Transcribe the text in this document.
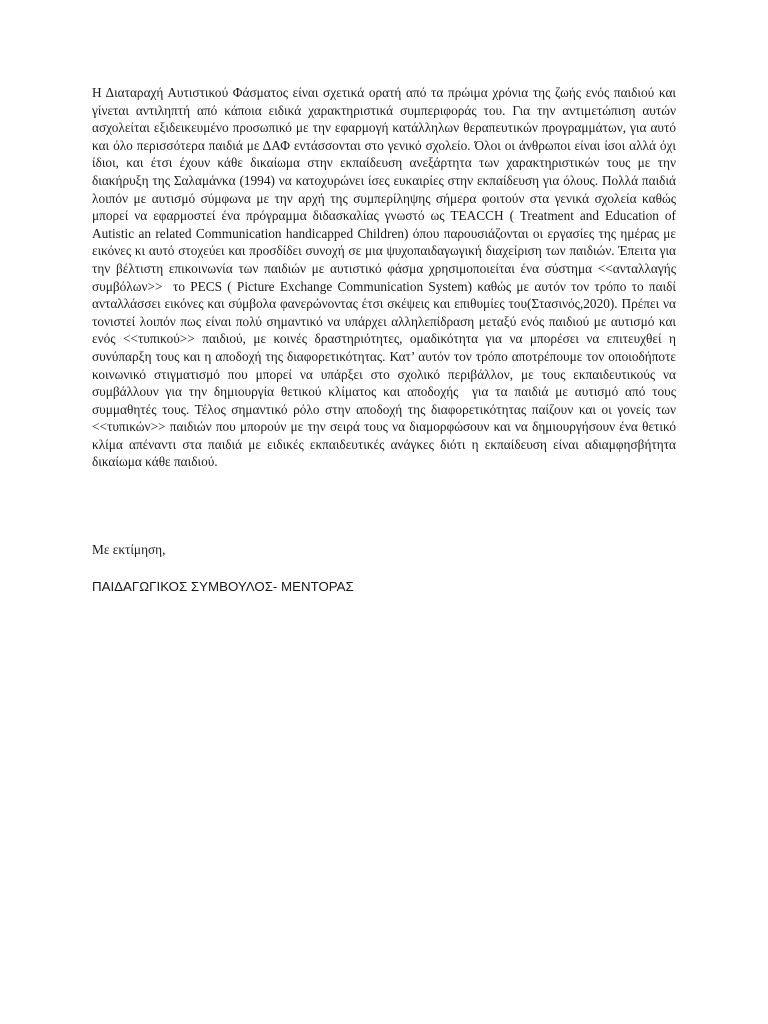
Η Διαταραχή Αυτιστικού Φάσματος είναι σχετικά ορατή από τα πρώιμα χρόνια της ζωής ενός παιδιού και γίνεται αντιληπτή από κάποια ειδικά χαρακτηριστικά συμπεριφοράς του. Για την αντιμετώπιση αυτών ασχολείται εξιδεικευμένο προσωπικό με την εφαρμογή κατάλληλων θεραπευτικών προγραμμάτων, για αυτό και όλο περισσότερα παιδιά με ΔΑΦ εντάσσονται στο γενικό σχολείο. Όλοι οι άνθρωποι είναι ίσοι αλλά όχι ίδιοι, και έτσι έχουν κάθε δικαίωμα στην εκπαίδευση ανεξάρτητα των χαρακτηριστικών τους με την διακήρυξη της Σαλαμάνκα (1994) να κατοχυρώνει ίσες ευκαιρίες στην εκπαίδευση για όλους. Πολλά παιδιά λοιπόν με αυτισμό σύμφωνα με την αρχή της συμπερίληψης σήμερα φοιτούν στα γενικά σχολεία καθώς μπορεί να εφαρμοστεί ένα πρόγραμμα διδασκαλίας γνωστό ως TEACCH ( Treatment and Education of Autistic an related Communication handicapped Children) όπου παρουσιάζονται οι εργασίες της ημέρας με εικόνες κι αυτό στοχεύει και προσδίδει συνοχή σε μια ψυχοπαιδαγωγική διαχείριση των παιδιών. Έπειτα για την βέλτιστη επικοινωνία των παιδιών με αυτιστικό φάσμα χρησιμοποιείται ένα σύστημα <<ανταλλαγής συμβόλων>>  το PECS ( Picture Exchange Communication System) καθώς με αυτόν τον τρόπο το παιδί ανταλλάσσει εικόνες και σύμβολα φανερώνοντας έτσι σκέψεις και επιθυμίες του(Στασινός,2020). Πρέπει να τονιστεί λοιπόν πως είναι πολύ σημαντικό να υπάρχει αλληλεπίδραση μεταξύ ενός παιδιού με αυτισμό και ενός <<τυπικού>> παιδιού, με κοινές δραστηριότητες, ομαδικότητα για να μπορέσει να επιτευχθεί η συνύπαρξη τους και η αποδοχή της διαφορετικότητας. Κατ’ αυτόν τον τρόπο αποτρέπουμε τον οποιοδήποτε κοινωνικό στιγματισμό που μπορεί να υπάρξει στο σχολικό περιβάλλον, με τους εκπαιδευτικούς να συμβάλλουν για την δημιουργία θετικού κλίματος και αποδοχής  για τα παιδιά με αυτισμό από τους συμμαθητές τους. Τέλος σημαντικό ρόλο στην αποδοχή της διαφορετικότητας παίζουν και οι γονείς των <<τυπικών>> παιδιών που μπορούν με την σειρά τους να διαμορφώσουν και να δημιουργήσουν ένα θετικό κλίμα απέναντι στα παιδιά με ειδικές εκπαιδευτικές ανάγκες διότι η εκπαίδευση είναι αδιαμφησβήτητα δικαίωμα κάθε παιδιού.

Με εκτίμηση,

ΠΑΙΔΑΓΩΓΙΚΟΣ ΣΥΜΒΟΥΛΟΣ- ΜΕΝΤΟΡΑΣ
